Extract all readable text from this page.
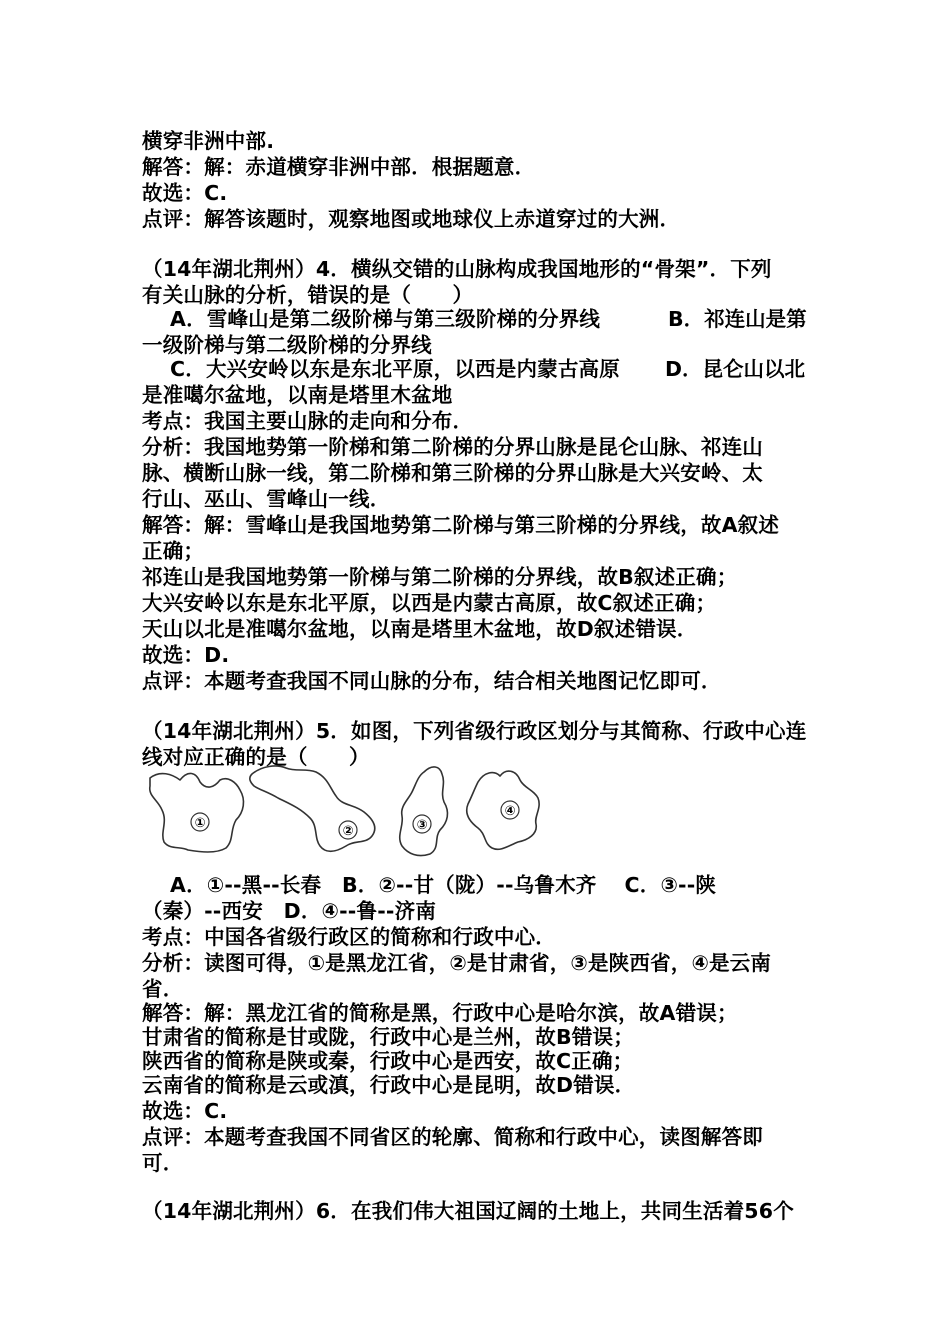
横穿非洲中部.
解答：解：赤道横穿非洲中部．根据题意．
故选：C.
点评：解答该题时，观察地图或地球仪上赤道穿过的大洲．
（14年湖北荆州）4．横纵交错的山脉构成我国地形的“骨架”．下列
有关山脉的分析，错误的是（　　）
A．雪峰山是第二级阶梯与第三级阶梯的分界线	B．祁连山是第
一级阶梯与第二级阶梯的分界线
C．大兴安岭以东是东北平原，以西是内蒙古高原 D．昆仑山以北
是准噶尔盆地，以南是塔里木盆地
考点：我国主要山脉的走向和分布．
分析：我国地势第一阶梯和第二阶梯的分界山脉是昆仑山脉、祁连山
脉、横断山脉一线，第二阶梯和第三阶梯的分界山脉是大兴安岭、太
行山、巫山、雪峰山一线．
解答：解：雪峰山是我国地势第二阶梯与第三阶梯的分界线，故A叙述
正确；
祁连山是我国地势第一阶梯与第二阶梯的分界线，故B叙述正确；
大兴安岭以东是东北平原，以西是内蒙古高原，故C叙述正确；
天山以北是准噶尔盆地，以南是塔里木盆地，故D叙述错误．
故选：D.
点评：本题考查我国不同山脉的分布，结合相关地图记忆即可．
（14年湖北荆州）5．如图，下列省级行政区划分与其简称、行政中心连
线对应正确的是（　　）
①
②	③
④
A．①--黑--长春　B．②--甘（陇）--乌鲁木齐　 C．③--陕
（秦）--西安　D．④--鲁--济南
考点：中国各省级行政区的简称和行政中心．
分析：读图可得，①是黑龙江省，②是甘肃省，③是陕西省，④是云南
省．
解答：解：黑龙江省的简称是黑，行政中心是哈尔滨，故A错误；
甘肃省的简称是甘或陇，行政中心是兰州，故B错误；
陕西省的简称是陕或秦，行政中心是西安，故C正确；
云南省的简称是云或滇，行政中心是昆明，故D错误．
故选：C.
点评：本题考查我国不同省区的轮廓、简称和行政中心，读图解答即
可．
（14年湖北荆州）6．在我们伟大祖国辽阔的土地上，共同生活着56个
